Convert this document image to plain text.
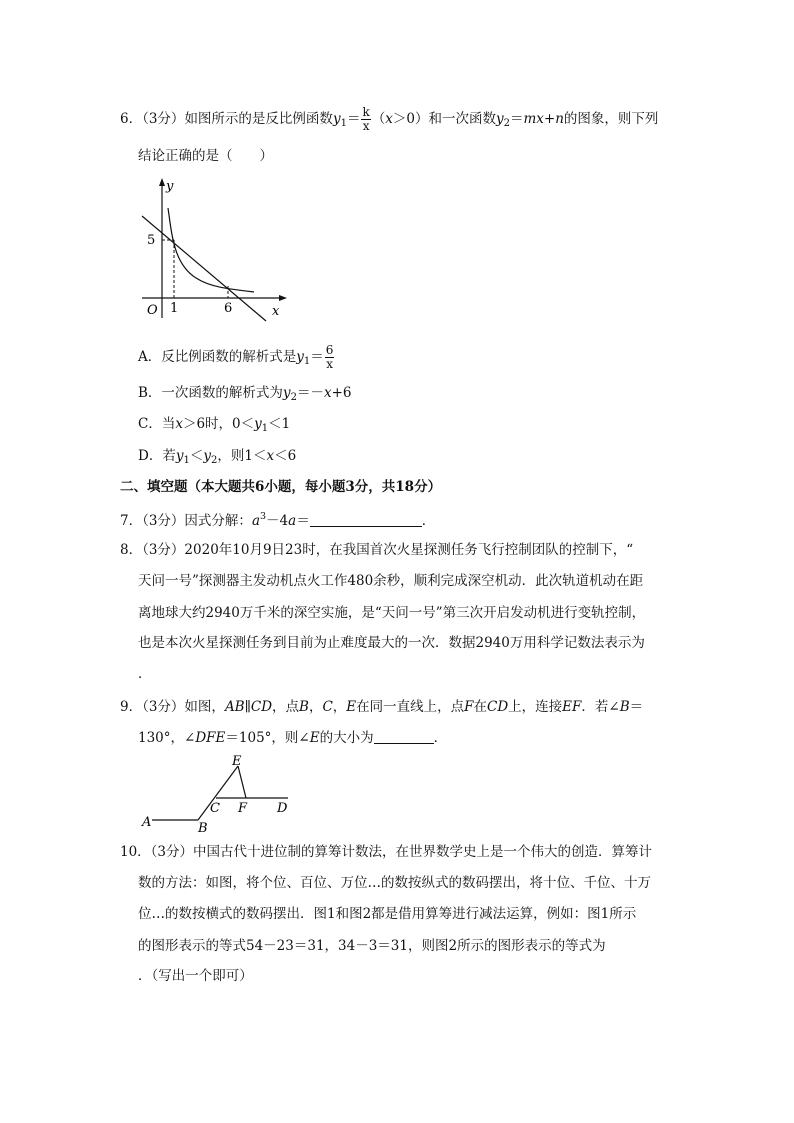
6．（3分）如图所示的是反比例函数$y_1= \frac{k}{x} (x>0)$和一次函数$y_2=mx+n$的图象，则下列
结论正确的是（　　）
y
x
O
5
1	6
A．反比例函数的解析式是$y_1= \frac{6}{x}$
B．一次函数的解析式为$y_2=-x+6$
C．当x＞6时，$0<y_1<1$
D．若$y_1<y_2$，则1＜x＜6
二、填空题（本大题共6小题，每小题3分，共18分）
7．（3分）因式分解：$a^3-4a=$	．
8．（3分）2020年10月9日23时，在我国首次火星探测任务飞行控制团队的控制下，“
天问一号”探测器主发动机点火工作480余秒，顺利完成深空机动．此次轨道机动在距
离地球大约2940万千米的深空实施，是“天问一号”第三次开启发动机进行变轨控制，
也是本次火星探测任务到目前为止难度最大的一次．数据2940万用科学记数法表示为
．
9．（3分）如图，AB∥CD，点B，C，E在同一直线上，点F在CD上，连接EF．若∠B＝
130°，∠DFE＝105°，则∠E的大小为	．
E
C F D
A	B
10．（3分）中国古代十进位制的算筹计数法，在世界数学史上是一个伟大的创造．算筹计
数的方法：如图，将个位、百位、万位…的数按纵式的数码摆出，将十位、千位、十万
位…的数按横式的数码摆出．图1和图2都是借用算筹进行减法运算，例如：图1所示
的图形表示的等式54－23＝31，34－3＝31，则图2所示的图形表示的等式为
．（写出一个即可）
